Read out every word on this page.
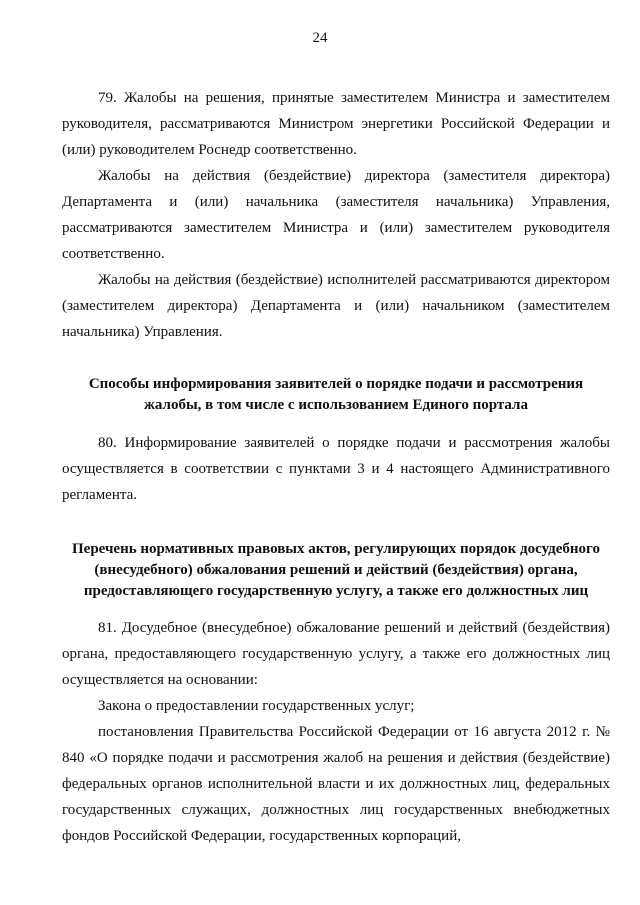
24

79. Жалобы на решения, принятые заместителем Министра и заместителем руководителя, рассматриваются Министром энергетики Российской Федерации и (или) руководителем Роснедр соответственно.

Жалобы на действия (бездействие) директора (заместителя директора) Департамента и (или) начальника (заместителя начальника) Управления, рассматриваются заместителем Министра и (или) заместителем руководителя соответственно.

Жалобы на действия (бездействие) исполнителей рассматриваются директором (заместителем директора) Департамента и (или) начальником (заместителем начальника) Управления.

Способы информирования заявителей о порядке подачи и рассмотрения
жалобы, в том числе с использованием Единого портала

80. Информирование заявителей о порядке подачи и рассмотрения жалобы осуществляется в соответствии с пунктами 3 и 4 настоящего Административного регламента.

Перечень нормативных правовых актов, регулирующих порядок досудебного
(внесудебного) обжалования решений и действий (бездействия) органа,
предоставляющего государственную услугу, а также его должностных лиц

81. Досудебное (внесудебное) обжалование решений и действий (бездействия) органа, предоставляющего государственную услугу, а также его должностных лиц осуществляется на основании:

Закона о предоставлении государственных услуг;

постановления Правительства Российской Федерации от 16 августа 2012 г. № 840 «О порядке подачи и рассмотрения жалоб на решения и действия (бездействие) федеральных органов исполнительной власти и их должностных лиц, федеральных государственных служащих, должностных лиц государственных внебюджетных фондов Российской Федерации, государственных корпораций,
